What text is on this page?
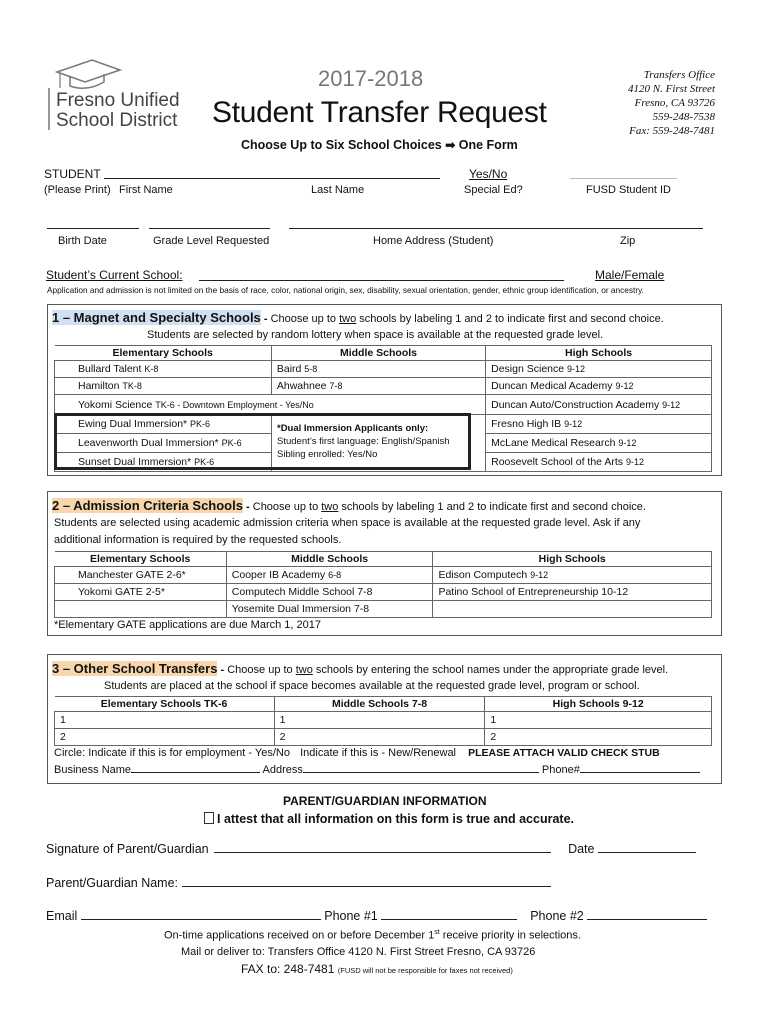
Fresno Unified
School District
2017-2018
Student Transfer Request
Choose Up to Six School Choices ➡ One Form
Transfers Office
4120 N. First Street
Fresno, CA 93726
559-248-7538
Fax: 559-248-7481
STUDENT	Yes/No
(Please Print) First Name	Last Name	Special Ed?	FUSD Student ID
Birth Date	Grade Level Requested	Home Address (Student)	Zip
Student’s Current School:	Male/Female
Application and admission is not limited on the basis of race, color, national origin, sex, disability, sexual orientation, gender, ethnic group identification, or ancestry.
1 – Magnet and Specialty Schools - Choose up to two schools by labeling 1 and 2 to indicate first and second choice.
Students are selected by random lottery when space is available at the requested grade level.
Elementary Schools	Middle Schools	High Schools
Bullard Talent K-8	Baird 5-8	Design Science 9-12
Hamilton TK-8	Ahwahnee 7-8	Duncan Medical Academy 9-12
Yokomi Science TK-6 - Downtown Employment - Yes/No		Duncan Auto/Construction Academy 9-12
Ewing Dual Immersion* PK-6		Fresno High IB 9-12
Leavenworth Dual Immersion* PK-6		McLane Medical Research 9-12
Sunset Dual Immersion* PK-6		Roosevelt School of the Arts 9-12
*Dual Immersion Applicants only:
Student’s first language: English/Spanish
Sibling enrolled: Yes/No
2 – Admission Criteria Schools - Choose up to two schools by labeling 1 and 2 to indicate first and second choice.
Students are selected using academic admission criteria when space is available at the requested grade level. Ask if any
additional information is required by the requested schools.
Elementary Schools	Middle Schools	High Schools
Manchester GATE 2-6*	Cooper IB Academy 6-8	Edison Computech 9-12
Yokomi GATE 2-5*	Computech Middle School 7-8	Patino School of Entrepreneurship 10-12
	Yosemite Dual Immersion 7-8	
*Elementary GATE applications are due March 1, 2017
3 – Other School Transfers - Choose up to two schools by entering the school names under the appropriate grade level.
Students are placed at the school if space becomes available at the requested grade level, program or school.
Elementary Schools TK-6	Middle Schools 7-8	High Schools 9-12
1	1	1
2	2	2
Circle: Indicate if this is for employment - Yes/No Indicate if this is - New/Renewal PLEASE ATTACH VALID CHECK STUB
Business Name	Address	Phone#
PARENT/GUARDIAN INFORMATION
I attest that all information on this form is true and accurate.
Signature of Parent/Guardian	Date
Parent/Guardian Name:
Email	Phone #1	Phone #2
On-time applications received on or before December 1st receive priority in selections.
Mail or deliver to: Transfers Office 4120 N. First Street Fresno, CA 93726
FAX to: 248-7481 (FUSD will not be responsible for faxes not received)
